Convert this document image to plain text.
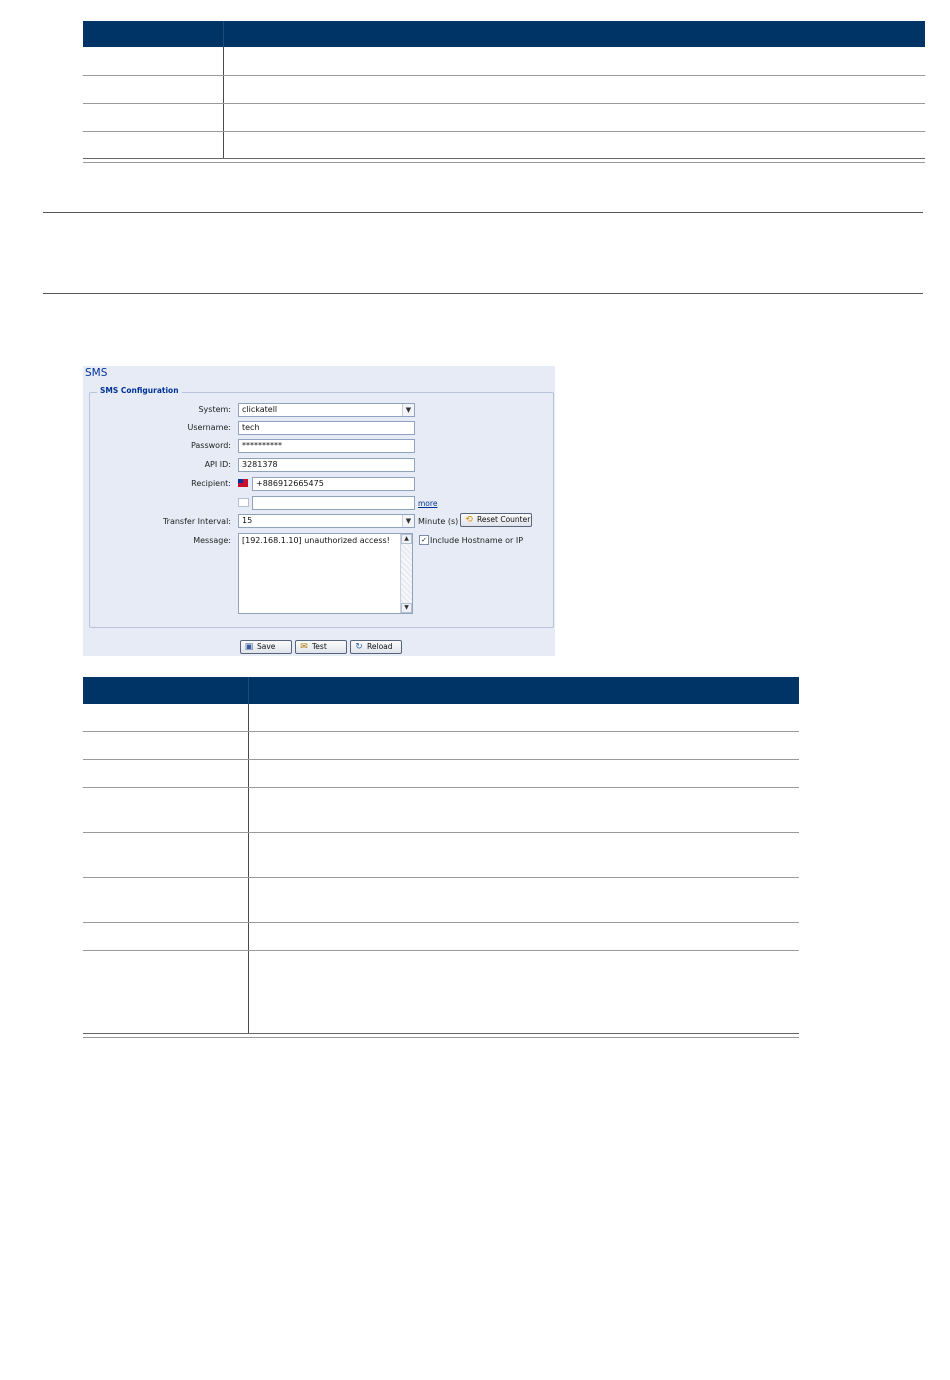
SMS
SMS Configuration
System:	clickatell	▼
Username:	tech
Password:	**********
API ID:	3281378
Recipient:	+886912665475
more
Transfer Interval:	15	▼ Minute (s) ⟲ Reset Counter
Message:	[192.168.1.10] unauthorized access!	▲
▼
✓ Include Hostname or IP
▣ Save	✉ Test	↻ Reload
